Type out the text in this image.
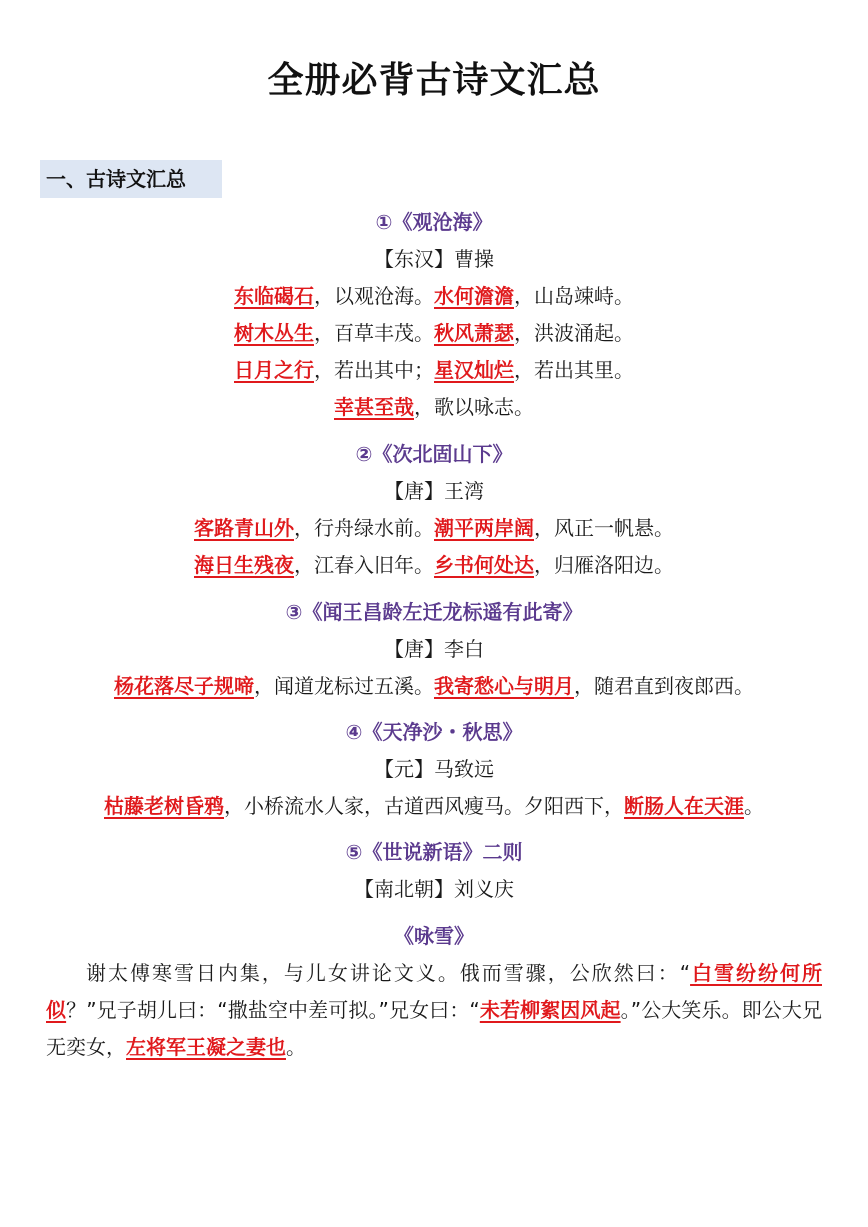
全册必背古诗文汇总
一、古诗文汇总
①《观沧海》
【东汉】曹操
东临碣石，以观沧海。水何澹澹，山岛竦峙。
树木丛生，百草丰茂。秋风萧瑟，洪波涌起。
日月之行，若出其中；星汉灿烂，若出其里。
幸甚至哉，歌以咏志。
②《次北固山下》
【唐】王湾
客路青山外，行舟绿水前。潮平两岸阔，风正一帆悬。
海日生残夜，江春入旧年。乡书何处达，归雁洛阳边。
③《闻王昌龄左迁龙标遥有此寄》
【唐】李白
杨花落尽子规啼，闻道龙标过五溪。我寄愁心与明月，随君直到夜郎西。
④《天净沙・秋思》
【元】马致远
枯藤老树昏鸦，小桥流水人家，古道西风瘦马。夕阳西下，断肠人在天涯。
⑤《世说新语》二则
【南北朝】刘义庆
《咏雪》
谢太傅寒雪日内集，与儿女讲论文义。俄而雪骤，公欣然曰：“白雪纷纷何所似？”兄子胡儿曰：“撒盐空中差可拟。”兄女曰：“未若柳絮因风起。”公大笑乐。即公大兄无奕女，左将军王凝之妻也。
